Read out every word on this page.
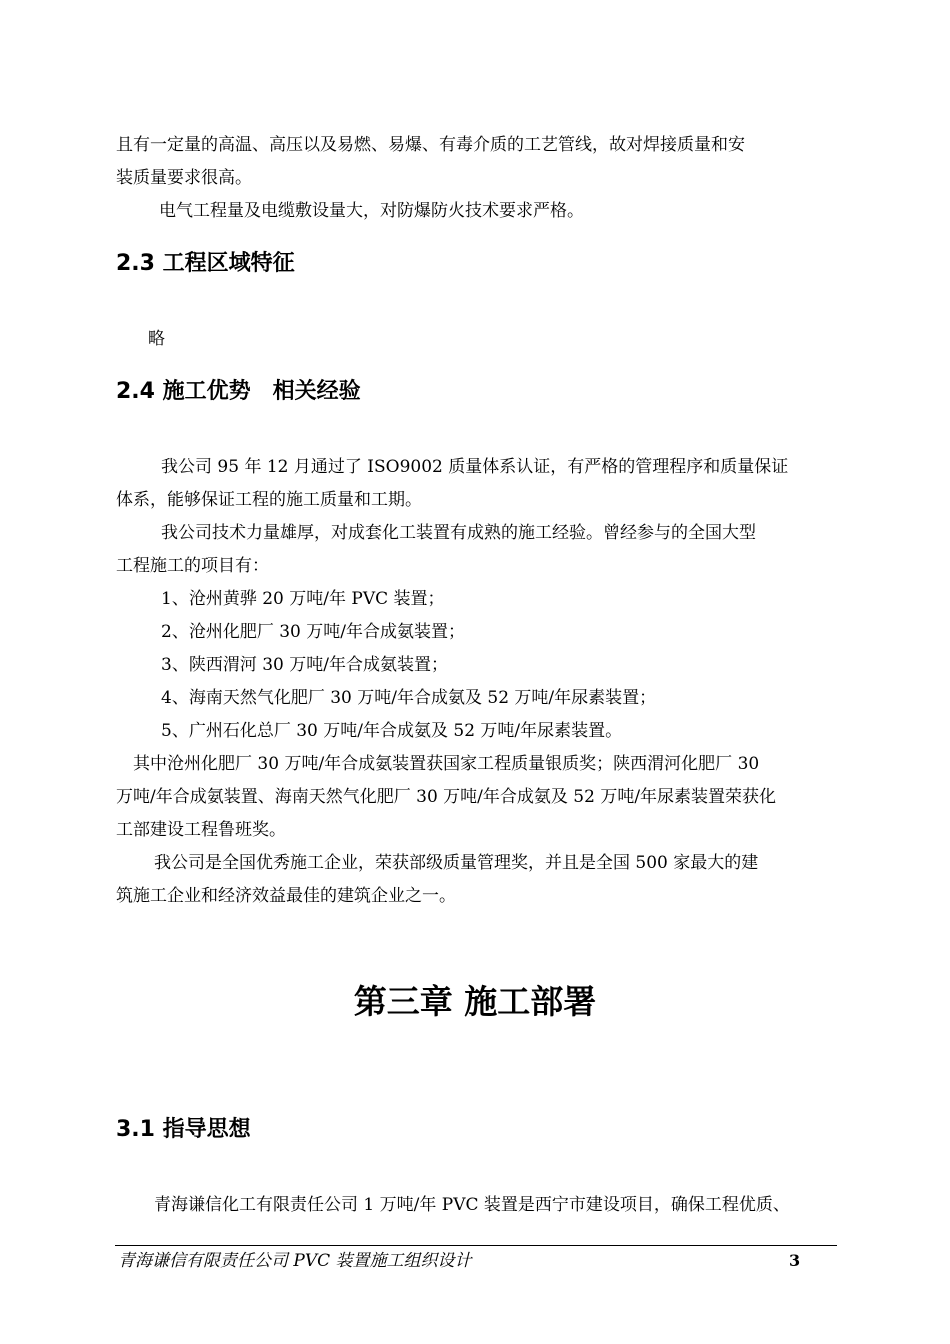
且有一定量的高温、高压以及易燃、易爆、有毒介质的工艺管线，故对焊接质量和安
装质量要求很高。
电气工程量及电缆敷设量大，对防爆防火技术要求严格。
2.3 工程区域特征
略
2.4 施工优势　相关经验
我公司 95 年 12 月通过了 ISO9002 质量体系认证，有严格的管理程序和质量保证
体系，能够保证工程的施工质量和工期。
我公司技术力量雄厚，对成套化工装置有成熟的施工经验。曾经参与的全国大型
工程施工的项目有：
1、沧州黄骅 20 万吨/年 PVC 装置；
2、沧州化肥厂 30 万吨/年合成氨装置；
3、陕西渭河 30 万吨/年合成氨装置；
4、海南天然气化肥厂 30 万吨/年合成氨及 52 万吨/年尿素装置；
5、广州石化总厂 30 万吨/年合成氨及 52 万吨/年尿素装置。
其中沧州化肥厂 30 万吨/年合成氨装置获国家工程质量银质奖；陕西渭河化肥厂 30
万吨/年合成氨装置、海南天然气化肥厂 30 万吨/年合成氨及 52 万吨/年尿素装置荣获化
工部建设工程鲁班奖。
我公司是全国优秀施工企业，荣获部级质量管理奖，并且是全国 500 家最大的建
筑施工企业和经济效益最佳的建筑企业之一。
第三章 施工部署
3.1 指导思想
青海谦信化工有限责任公司 1 万吨/年 PVC 装置是西宁市建设项目，确保工程优质、
青海谦信有限责任公司 PVC 装置施工组织设计	3
